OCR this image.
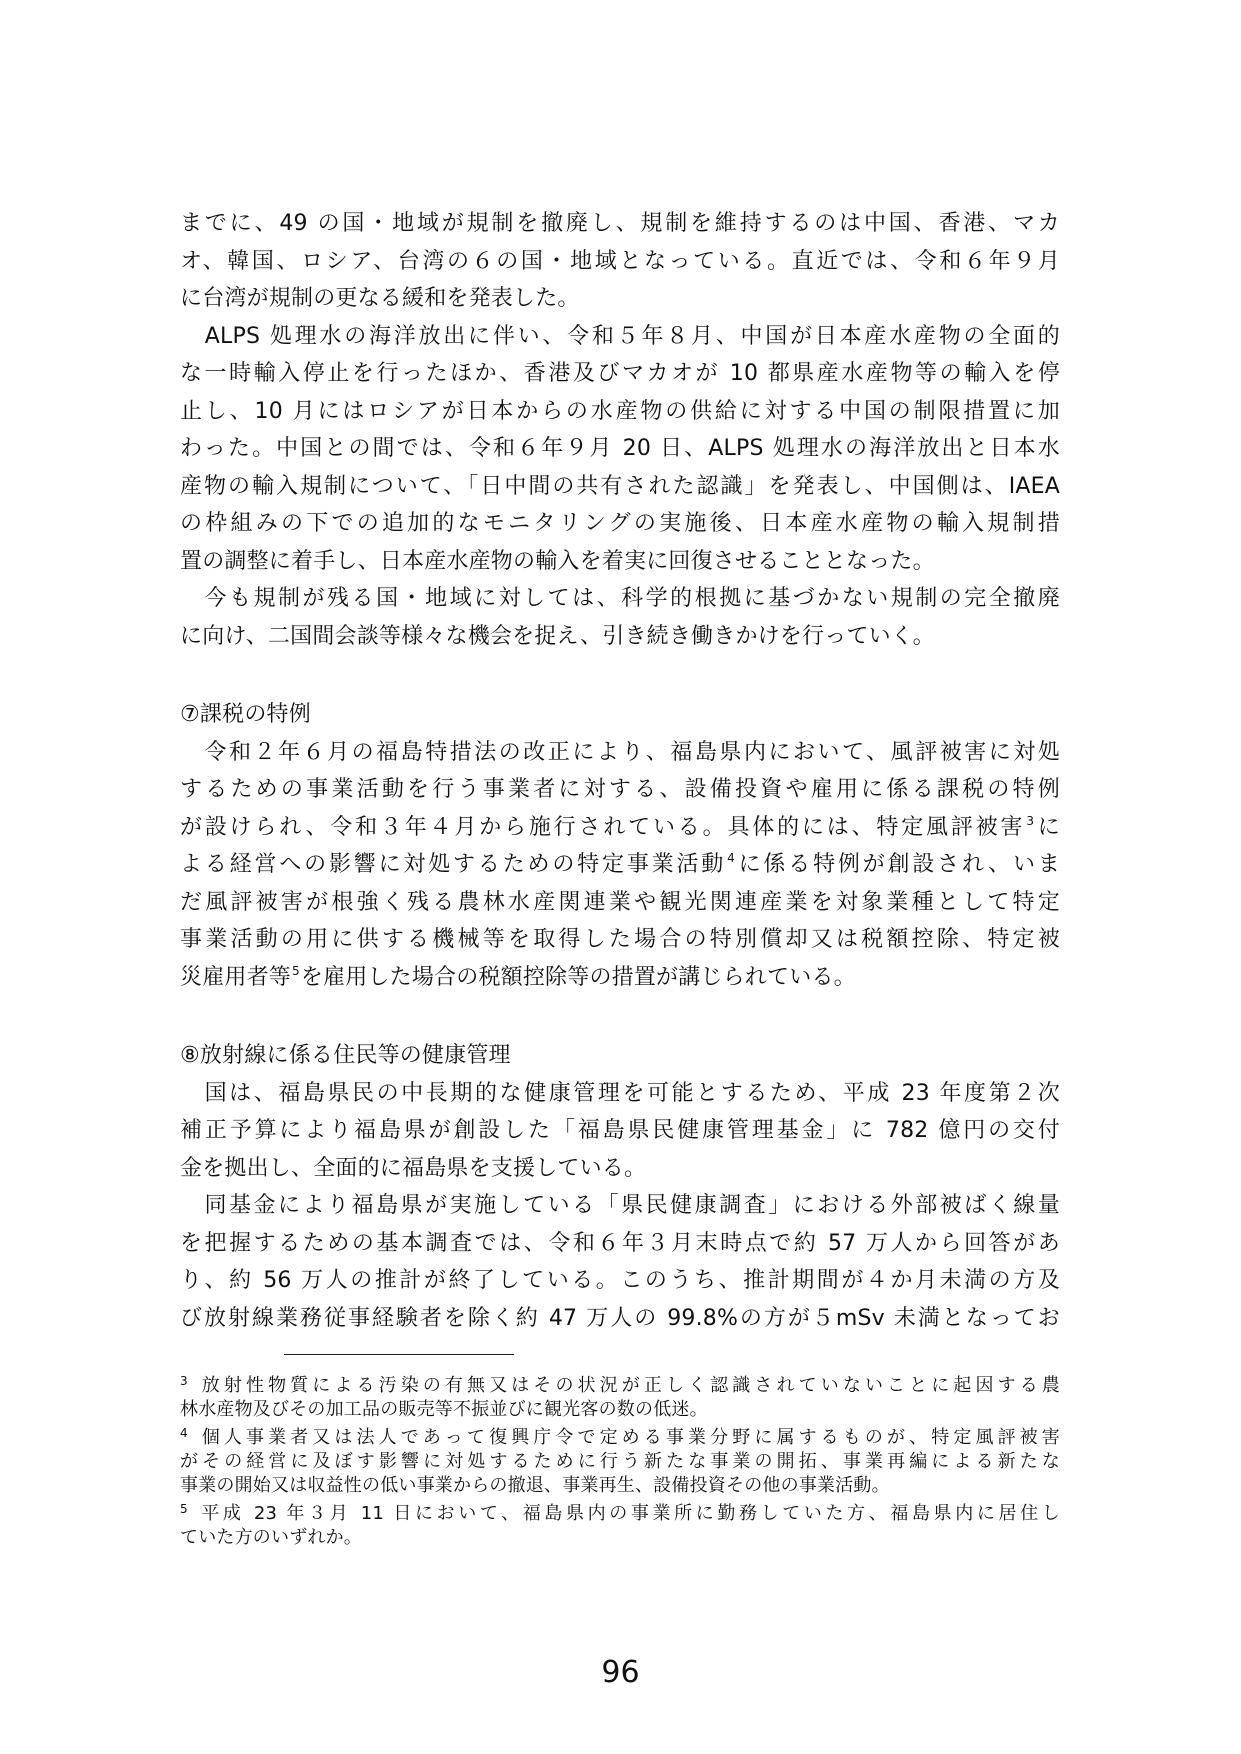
までに、49 の国・地域が規制を撤廃し、規制を維持するのは中国、香港、マカ
オ、韓国、ロシア、台湾の６の国・地域となっている。直近では、令和６年９月
に台湾が規制の更なる緩和を発表した。
　ALPS 処理水の海洋放出に伴い、令和５年８月、中国が日本産水産物の全面的
な一時輸入停止を行ったほか、香港及びマカオが 10 都県産水産物等の輸入を停
止し、10 月にはロシアが日本からの水産物の供給に対する中国の制限措置に加
わった。中国との間では、令和６年９月 20 日、ALPS 処理水の海洋放出と日本水
産物の輸入規制について、「日中間の共有された認識」を発表し、中国側は、IAEA
の枠組みの下での追加的なモニタリングの実施後、日本産水産物の輸入規制措
置の調整に着手し、日本産水産物の輸入を着実に回復させることとなった。
　今も規制が残る国・地域に対しては、科学的根拠に基づかない規制の完全撤廃
に向け、二国間会談等様々な機会を捉え、引き続き働きかけを行っていく。
⑦課税の特例
　令和２年６月の福島特措法の改正により、福島県内において、風評被害に対処
するための事業活動を行う事業者に対する、設備投資や雇用に係る課税の特例
が設けられ、令和３年４月から施行されている。具体的には、特定風評被害$^3$に
よる経営への影響に対処するための特定事業活動$^4$に係る特例が創設され、いま
だ風評被害が根強く残る農林水産関連業や観光関連産業を対象業種として特定
事業活動の用に供する機械等を取得した場合の特別償却又は税額控除、特定被
災雇用者等$^5$を雇用した場合の税額控除等の措置が講じられている。
⑧放射線に係る住民等の健康管理
　国は、福島県民の中長期的な健康管理を可能とするため、平成 23 年度第２次
補正予算により福島県が創設した「福島県民健康管理基金」に 782 億円の交付
金を拠出し、全面的に福島県を支援している。
　同基金により福島県が実施している「県民健康調査」における外部被ばく線量
を把握するための基本調査では、令和６年３月末時点で約 57 万人から回答があ
り、約 56 万人の推計が終了している。このうち、推計期間が４か月未満の方及
び放射線業務従事経験者を除く約 47 万人の 99.8%の方が５mSv 未満となってお
$^3$ 放射性物質による汚染の有無又はその状況が正しく認識されていないことに起因する農
林水産物及びその加工品の販売等不振並びに観光客の数の低迷。
$^4$ 個人事業者又は法人であって復興庁令で定める事業分野に属するものが、特定風評被害
がその経営に及ぼす影響に対処するために行う新たな事業の開拓、事業再編による新たな
事業の開始又は収益性の低い事業からの撤退、事業再生、設備投資その他の事業活動。
$^5$ 平成 23 年３月 11 日において、福島県内の事業所に勤務していた方、福島県内に居住し
ていた方のいずれか。
96
